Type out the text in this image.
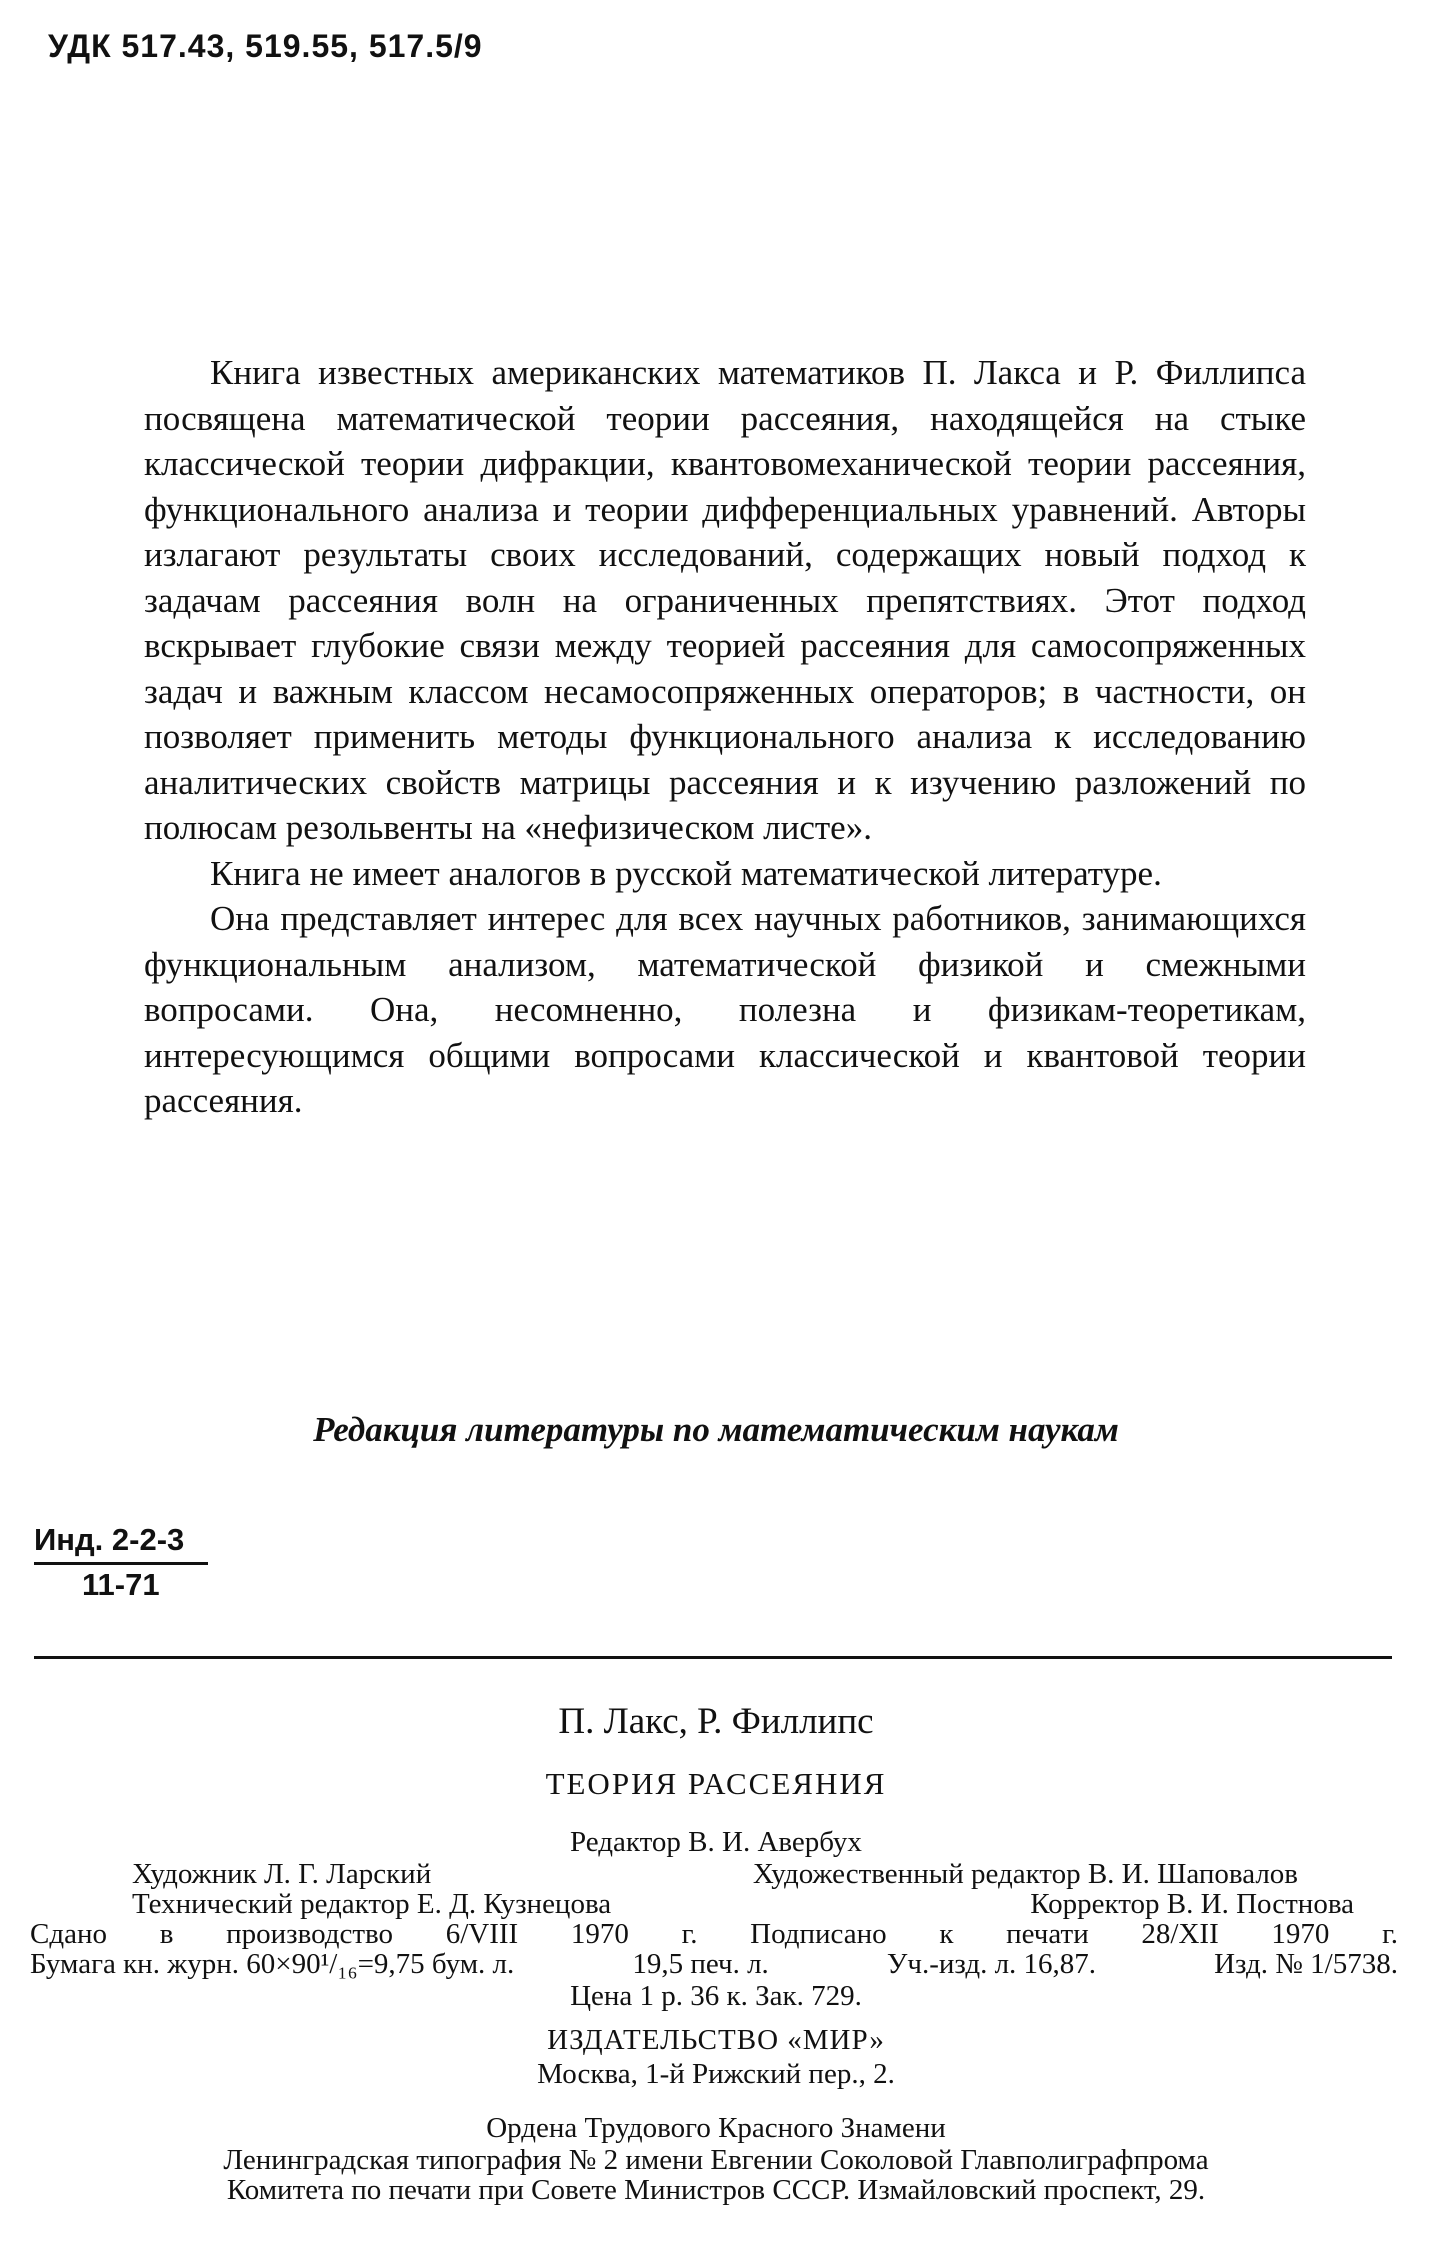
УДК 517.43, 519.55, 517.5/9

Книга известных американских математиков П. Лакса и Р. Филлипса посвящена математической теории рассеяния, находящейся на стыке классической теории дифракции, квантовомеханической теории рассеяния, функционального анализа и теории дифференциальных уравнений. Авторы излагают результаты своих исследований, содержащих новый подход к задачам рассеяния волн на ограниченных препятствиях. Этот подход вскрывает глубокие связи между теорией рассеяния для самосопряженных задач и важным классом несамосопряженных операторов; в частности, он позволяет применить методы функционального анализа к исследованию аналитических свойств матрицы рассеяния и к изучению разложений по полюсам резольвенты на «нефизическом листе».

Книга не имеет аналогов в русской математической литературе.

Она представляет интерес для всех научных работников, занимающихся функциональным анализом, математической физикой и смежными вопросами. Она, несомненно, полезна и физикам-теоретикам, интересующимся общими вопросами классической и квантовой теории рассеяния.

Редакция литературы по математическим наукам
Инд. 2-2-3
11-71
П. Лакс, Р. Филлипс
ТЕОРИЯ РАССЕЯНИЯ
Редактор В. И. Авербух
Художник Л. Г. Ларский	Художественный редактор В. И. Шаповалов
Технический редактор Е. Д. Кузнецова	Корректор В. И. Постнова
Сдано в производство 6/VIII 1970 г. Подписано к печати 28/XII 1970 г.
Бумага кн. журн. 60×90¹/₁₆=9,75 бум. л.	19,5 печ. л.	Уч.-изд. л. 16,87.	Изд. № 1/5738.
Цена 1 р. 36 к. Зак. 729.
ИЗДАТЕЛЬСТВО «МИР»
Москва, 1-й Рижский пер., 2.
Ордена Трудового Красного Знамени
Ленинградская типография № 2 имени Евгении Соколовой Главполиграфпрома
Комитета по печати при Совете Министров СССР. Измайловский проспект, 29.
